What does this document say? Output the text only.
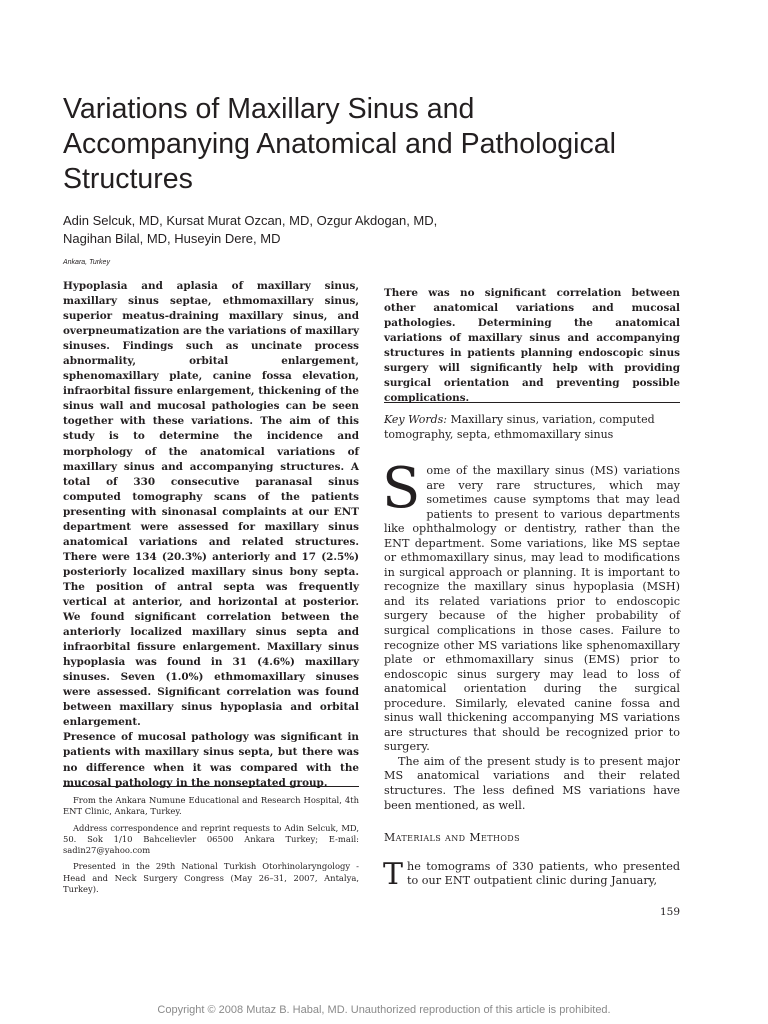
Variations of Maxillary Sinus and
Accompanying Anatomical and Pathological
Structures
Adin Selcuk, MD, Kursat Murat Ozcan, MD, Ozgur Akdogan, MD,
Nagihan Bilal, MD, Huseyin Dere, MD
Ankara, Turkey

Hypoplasia and aplasia of maxillary sinus, maxillary sinus septae, ethmomaxillary sinus, superior meatus-draining maxillary sinus, and overpneumatization are the variations of maxillary sinuses. Findings such as uncinate process abnormality, orbital enlargement, sphenomaxillary plate, canine fossa elevation, infraorbital fissure enlargement, thickening of the sinus wall and mucosal pathologies can be seen together with these variations. The aim of this study is to determine the incidence and morphology of the anatomical variations of maxillary sinus and accompanying structures. A total of 330 consecutive paranasal sinus computed tomography scans of the patients presenting with sinonasal complaints at our ENT department were assessed for maxillary sinus anatomical variations and related structures. There were 134 (20.3%) anteriorly and 17 (2.5%) posteriorly localized maxillary sinus bony septa. The position of antral septa was frequently vertical at anterior, and horizontal at posterior. We found significant correlation between the anteriorly localized maxillary sinus septa and infraorbital fissure enlargement. Maxillary sinus hypoplasia was found in 31 (4.6%) maxillary sinuses. Seven (1.0%) ethmomaxillary sinuses were assessed. Significant correlation was found between maxillary sinus hypoplasia and orbital enlargement.

Presence of mucosal pathology was significant in patients with maxillary sinus septa, but there was no difference when it was compared with the mucosal pathology in the nonseptated group.

There was no significant correlation between other anatomical variations and mucosal pathologies. Determining the anatomical variations of maxillary sinus and accompanying structures in patients planning endoscopic sinus surgery will significantly help with providing surgical orientation and preventing possible complications.

Key Words: Maxillary sinus, variation, computed tomography, septa, ethmomaxillary sinus

From the Ankara Numune Educational and Research Hospital, 4th ENT Clinic, Ankara, Turkey.

Address correspondence and reprint requests to Adin Selcuk, MD, 50. Sok 1/10 Bahcelievler 06500 Ankara Turkey; E-mail: sadin27@yahoo.com

Presented in the 29th National Turkish Otorhinolaryngology - Head and Neck Surgery Congress (May 26–31, 2007, Antalya, Turkey).

Some of the maxillary sinus (MS) variations are very rare structures, which may sometimes cause symptoms that may lead patients to present to various departments like ophthalmology or dentistry, rather than the ENT department. Some variations, like MS septae or ethmomaxillary sinus, may lead to modifications in surgical approach or planning. It is important to recognize the maxillary sinus hypoplasia (MSH) and its related variations prior to endoscopic surgery because of the higher probability of surgical complications in those cases. Failure to recognize other MS variations like sphenomaxillary plate or ethmomaxillary sinus (EMS) prior to endoscopic sinus surgery may lead to loss of anatomical orientation during the surgical procedure. Similarly, elevated canine fossa and sinus wall thickening accompanying MS variations are structures that should be recognized prior to surgery.

The aim of the present study is to present major MS anatomical variations and their related structures. The less defined MS variations have been mentioned, as well.

Materials and Methods

The tomograms of 330 patients, who presented to our ENT outpatient clinic during January,

159
Copyright © 2008 Mutaz B. Habal, MD. Unauthorized reproduction of this article is prohibited.
